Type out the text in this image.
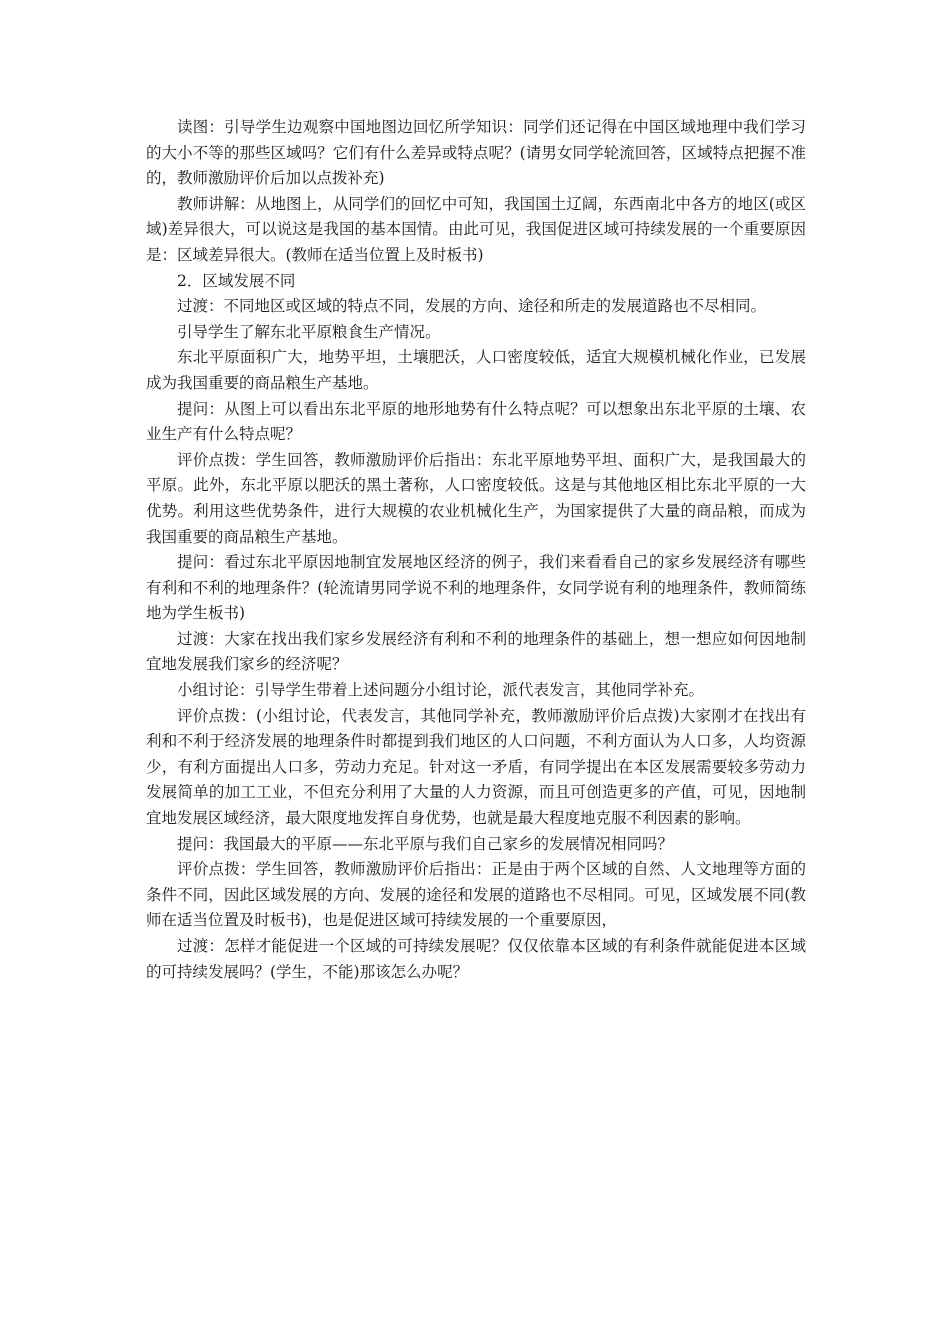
读图：引导学生边观察中国地图边回忆所学知识：同学们还记得在中国区域地理中我们学习的大小不等的那些区域吗？它们有什么差异或特点呢？(请男女同学轮流回答，区域特点把握不准的，教师激励评价后加以点拨补充)

教师讲解：从地图上，从同学们的回忆中可知，我国国土辽阔，东西南北中各方的地区(或区域)差异很大，可以说这是我国的基本国情。由此可见，我国促进区域可持续发展的一个重要原因是：区域差异很大。(教师在适当位置上及时板书)

2．区域发展不同

过渡：不同地区或区域的特点不同，发展的方向、途径和所走的发展道路也不尽相同。

引导学生了解东北平原粮食生产情况。

东北平原面积广大，地势平坦，土壤肥沃，人口密度较低，适宜大规模机械化作业，已发展成为我国重要的商品粮生产基地。

提问：从图上可以看出东北平原的地形地势有什么特点呢？可以想象出东北平原的土壤、农业生产有什么特点呢？

评价点拨：学生回答，教师激励评价后指出：东北平原地势平坦、面积广大，是我国最大的平原。此外，东北平原以肥沃的黑土著称，人口密度较低。这是与其他地区相比东北平原的一大优势。利用这些优势条件，进行大规模的农业机械化生产，为国家提供了大量的商品粮，而成为我国重要的商品粮生产基地。

提问：看过东北平原因地制宜发展地区经济的例子，我们来看看自己的家乡发展经济有哪些有利和不利的地理条件？(轮流请男同学说不利的地理条件，女同学说有利的地理条件，教师简练地为学生板书)

过渡：大家在找出我们家乡发展经济有利和不利的地理条件的基础上，想一想应如何因地制宜地发展我们家乡的经济呢？

小组讨论：引导学生带着上述问题分小组讨论，派代表发言，其他同学补充。

评价点拨：(小组讨论，代表发言，其他同学补充，教师激励评价后点拨)大家刚才在找出有利和不利于经济发展的地理条件时都提到我们地区的人口问题，不利方面认为人口多，人均资源少，有利方面提出人口多，劳动力充足。针对这一矛盾，有同学提出在本区发展需要较多劳动力发展简单的加工工业，不但充分利用了大量的人力资源，而且可创造更多的产值，可见，因地制宜地发展区域经济，最大限度地发挥自身优势，也就是最大程度地克服不利因素的影响。

提问：我国最大的平原——东北平原与我们自己家乡的发展情况相同吗？

评价点拨：学生回答，教师激励评价后指出：正是由于两个区域的自然、人文地理等方面的条件不同，因此区域发展的方向、发展的途径和发展的道路也不尽相同。可见，区域发展不同(教师在适当位置及时板书)，也是促进区域可持续发展的一个重要原因，

过渡：怎样才能促进一个区域的可持续发展呢？仅仅依靠本区域的有利条件就能促进本区域的可持续发展吗？(学生，不能)那该怎么办呢？
